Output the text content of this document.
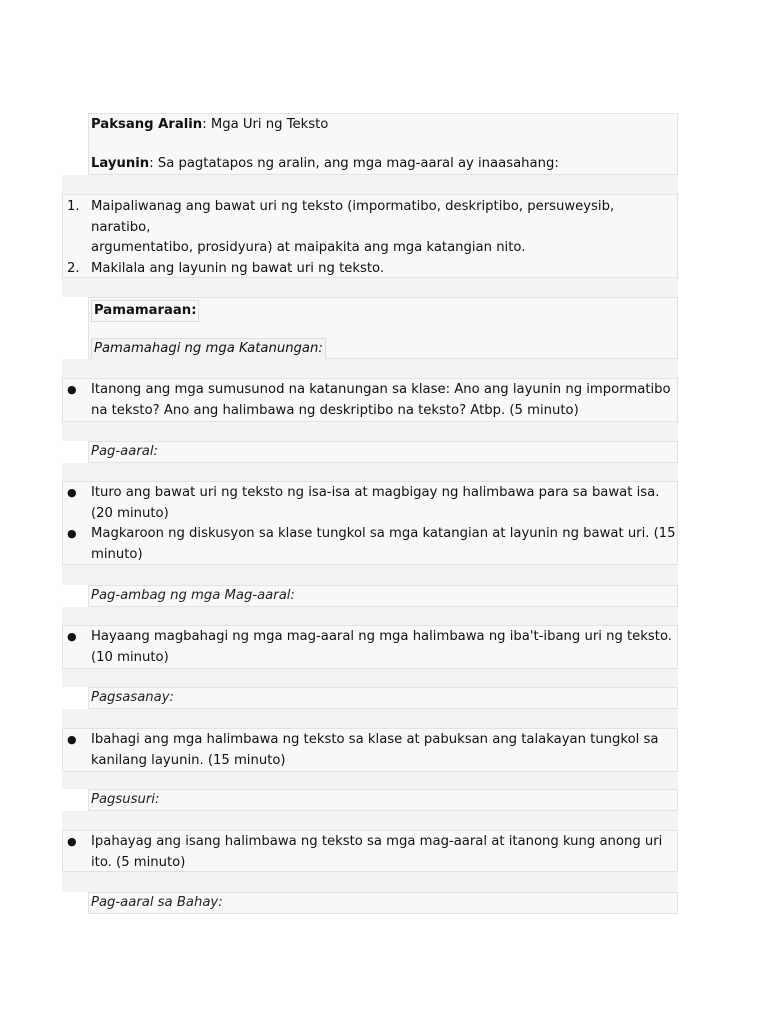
Paksang Aralin: Mga Uri ng Teksto
Layunin: Sa pagtatapos ng aralin, ang mga mag-aaral ay inaasahang:
1. Maipaliwanag ang bawat uri ng teksto (impormatibo, deskriptibo, persuweysib, naratibo,
argumentatibo, prosidyura) at maipakita ang mga katangian nito.
2. Makilala ang layunin ng bawat uri ng teksto.
Pamamaraan:
Pamamahagi ng mga Katanungan:
●	Itanong ang mga sumusunod na katanungan sa klase: Ano ang layunin ng impormatibo
na teksto? Ano ang halimbawa ng deskriptibo na teksto? Atbp. (5 minuto)
Pag-aaral:
●	Ituro ang bawat uri ng teksto ng isa-isa at magbigay ng halimbawa para sa bawat isa.
(20 minuto)
●	Magkaroon ng diskusyon sa klase tungkol sa mga katangian at layunin ng bawat uri. (15
minuto)
Pag-ambag ng mga Mag-aaral:
●	Hayaang magbahagi ng mga mag-aaral ng mga halimbawa ng iba't-ibang uri ng teksto.
(10 minuto)
Pagsasanay:
●	Ibahagi ang mga halimbawa ng teksto sa klase at pabuksan ang talakayan tungkol sa
kanilang layunin. (15 minuto)
Pagsusuri:
●	Ipahayag ang isang halimbawa ng teksto sa mga mag-aaral at itanong kung anong uri
ito. (5 minuto)
Pag-aaral sa Bahay:
